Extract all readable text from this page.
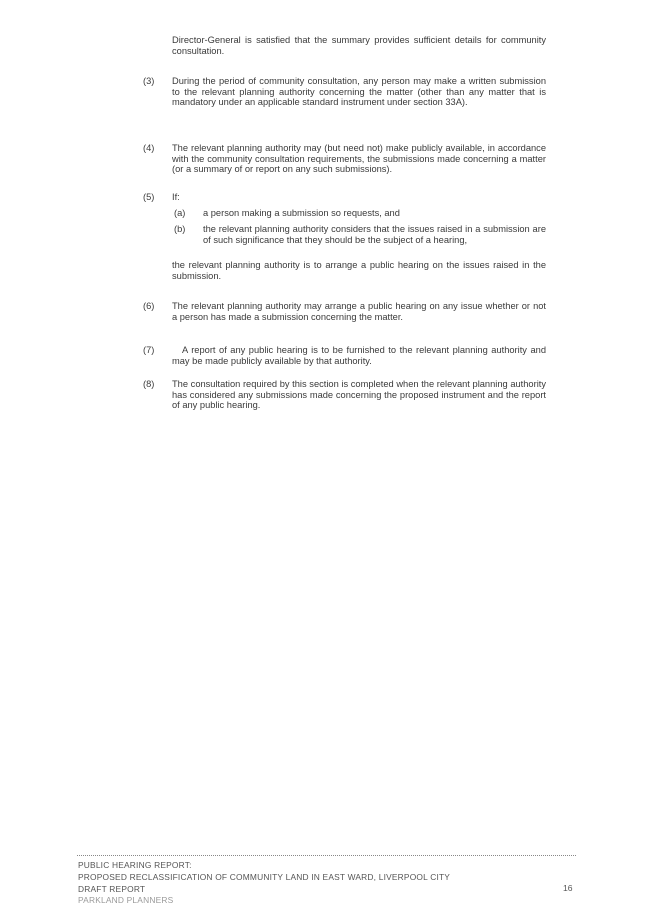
Director-General is satisfied that the summary provides sufficient details for community consultation.

(3) During the period of community consultation, any person may make a written submission to the relevant planning authority concerning the matter (other than any matter that is mandatory under an applicable standard instrument under section 33A).

(4) The relevant planning authority may (but need not) make publicly available, in accordance with the community consultation requirements, the submissions made concerning a matter (or a summary of or report on any such submissions).

(5) If:

(a) a person making a submission so requests, and

(b) the relevant planning authority considers that the issues raised in a submission are of such significance that they should be the subject of a hearing,

the relevant planning authority is to arrange a public hearing on the issues raised in the submission.

(6) The relevant planning authority may arrange a public hearing on any issue whether or not a person has made a submission concerning the matter.

(7)	A report of any public hearing is to be furnished to the relevant planning authority and may be made publicly available by that authority.

(8) The consultation required by this section is completed when the relevant planning authority has considered any submissions made concerning the proposed instrument and the report of any public hearing.

PUBLIC HEARING REPORT:
PROPOSED RECLASSIFICATION OF COMMUNITY LAND IN EAST WARD, LIVERPOOL CITY
DRAFT REPORT
PARKLAND PLANNERS
16
